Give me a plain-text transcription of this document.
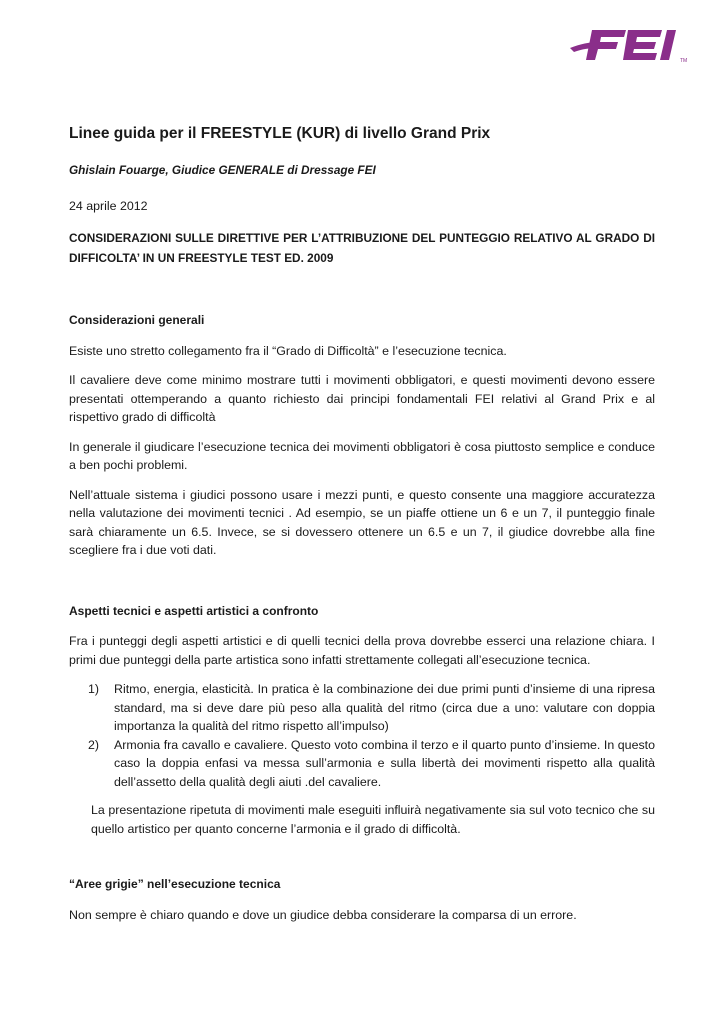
TM
Linee guida per il FREESTYLE (KUR) di livello Grand Prix
Ghislain Fouarge, Giudice GENERALE di Dressage FEI
24 aprile 2012
CONSIDERAZIONI SULLE DIRETTIVE PER L’ATTRIBUZIONE DEL PUNTEGGIO RELATIVO AL GRADO DI DIFFICOLTA’ IN UN FREESTYLE TEST ED. 2009
Considerazioni generali

Esiste uno stretto collegamento fra il “Grado di Difficoltà” e l’esecuzione tecnica.

Il cavaliere deve come minimo mostrare tutti i movimenti obbligatori, e questi movimenti devono essere presentati ottemperando a quanto richiesto dai principi fondamentali FEI relativi al Grand Prix e al rispettivo grado di difficoltà

In generale il giudicare l’esecuzione tecnica dei movimenti obbligatori è cosa piuttosto semplice e conduce a ben pochi problemi.

Nell’attuale sistema i giudici possono usare i mezzi punti, e questo consente una maggiore accuratezza nella valutazione dei movimenti tecnici . Ad esempio, se un piaffe ottiene un 6 e un 7, il punteggio finale sarà chiaramente un 6.5. Invece, se si dovessero ottenere un 6.5 e un 7, il giudice dovrebbe alla fine scegliere fra i due voti dati.

Aspetti tecnici e aspetti artistici a confronto

Fra i punteggi degli aspetti artistici e di quelli tecnici della prova dovrebbe esserci una relazione chiara. I primi due punteggi della parte artistica sono infatti strettamente collegati all’esecuzione tecnica.

1) Ritmo, energia, elasticità. In pratica è la combinazione dei due primi punti d’insieme di una ripresa standard, ma si deve dare più peso alla qualità del ritmo (circa due a uno: valutare con doppia importanza la qualità del ritmo rispetto all’impulso)
2) Armonia fra cavallo e cavaliere. Questo voto combina il terzo e il quarto punto d’insieme. In questo caso la doppia enfasi va messa sull’armonia e sulla libertà dei movimenti rispetto alla qualità dell’assetto della qualità degli aiuti .del cavaliere.

La presentazione ripetuta di movimenti male eseguiti influirà negativamente sia sul voto tecnico che su quello artistico per quanto concerne l’armonia e il grado di difficoltà.

“Aree grigie” nell’esecuzione tecnica

Non sempre è chiaro quando e dove un giudice debba considerare la comparsa di un errore.
